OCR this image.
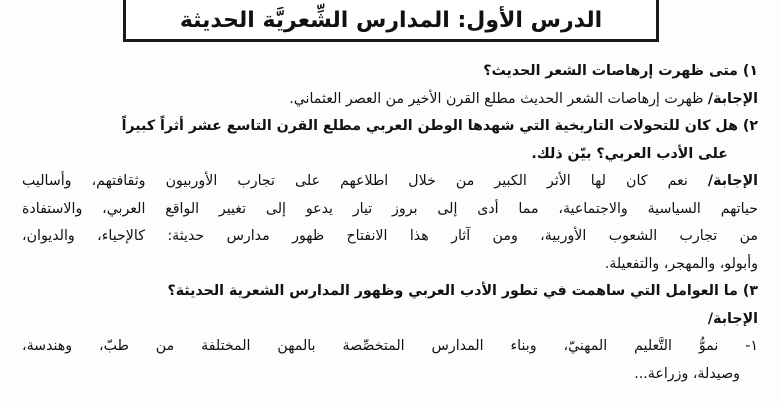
الدرس الأول: المدارس الشِّعريَّة الحديثة
١) متى ظهرت إرهاصات الشعر الحديث؟
الإجابة/ ظهرت إرهاصات الشعر الحديث مطلع القرن الأخير من العصر العثماني.
٢) هل كان للتحولات التاريخية التي شهدها الوطن العربي مطلع القرن التاسع عشر أثراً كبيراً
على الأدب العربي؟ بيّن ذلك.
الإجابة/ نعم كان لها الأثر الكبير من خلال اطلاعهم على تجارب الأوربيون وثقافتهم، وأساليب
حياتهم السياسية والاجتماعية، مما أدى إلى بروز تيار يدعو إلى تغيير الواقع العربي، والاستفادة
من تجارب الشعوب الأوربية، ومن آثار هذا الانفتاح ظهور مدارس حديثة: كالإحياء، والديوان،
وأبولو، والمهجر، والتفعيلة.
٣) ما العوامل التي ساهمت في تطور الأدب العربي وظهور المدارس الشعرية الحديثة؟
الإجابة/
١- نموُّ التَّعليم المهنيّ، وبناء المدارس المتخصِّصة بالمهن المختلفة من طبّ، وهندسة،
وصيدلة، وزراعة...
